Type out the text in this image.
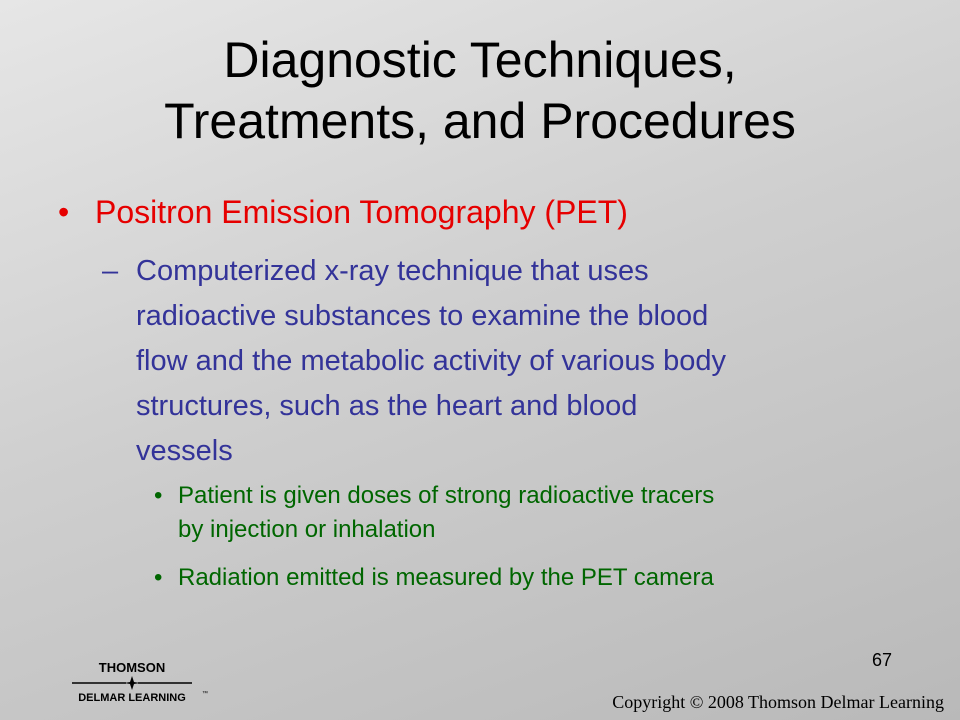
Diagnostic Techniques,
Treatments, and Procedures
• Positron Emission Tomography (PET)
– Computerized x-ray technique that uses
radioactive substances to examine the blood
flow and the metabolic activity of various body
structures, such as the heart and blood
vessels
• Patient is given doses of strong radioactive tracers
by injection or inhalation
• Radiation emitted is measured by the PET camera
67
THOMSON
DELMAR LEARNING	™	Copyright © 2008 Thomson Delmar Learning
